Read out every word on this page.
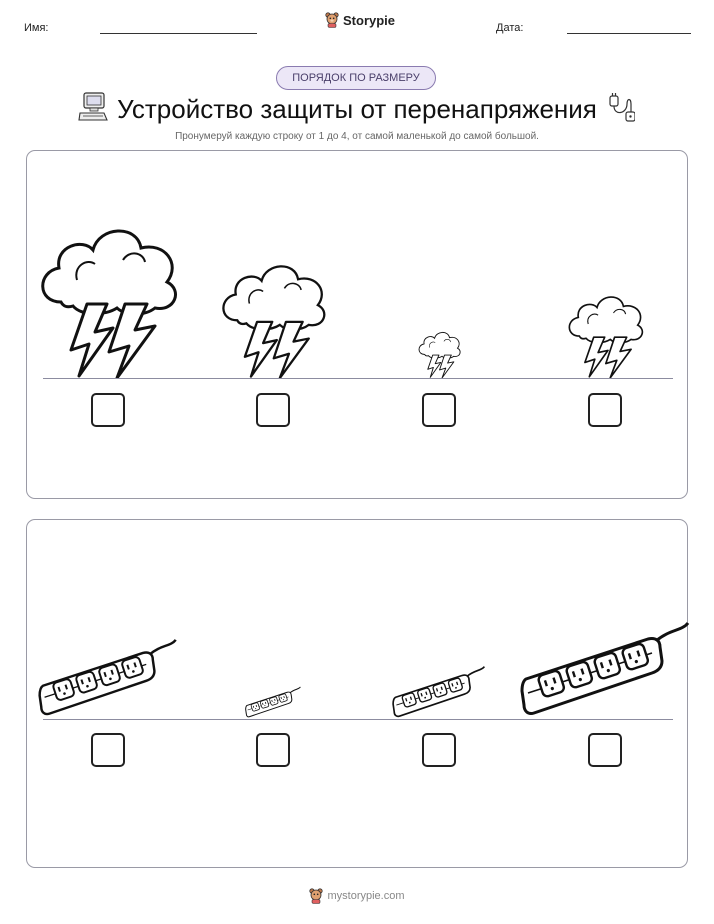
Имя:
Storypie
Дата:
ПОРЯДОК ПО РАЗМЕРУ
Устройство защиты от перенапряжения
Пронумеруй каждую строку от 1 до 4, от самой маленькой до самой большой.
mystorypie.com
